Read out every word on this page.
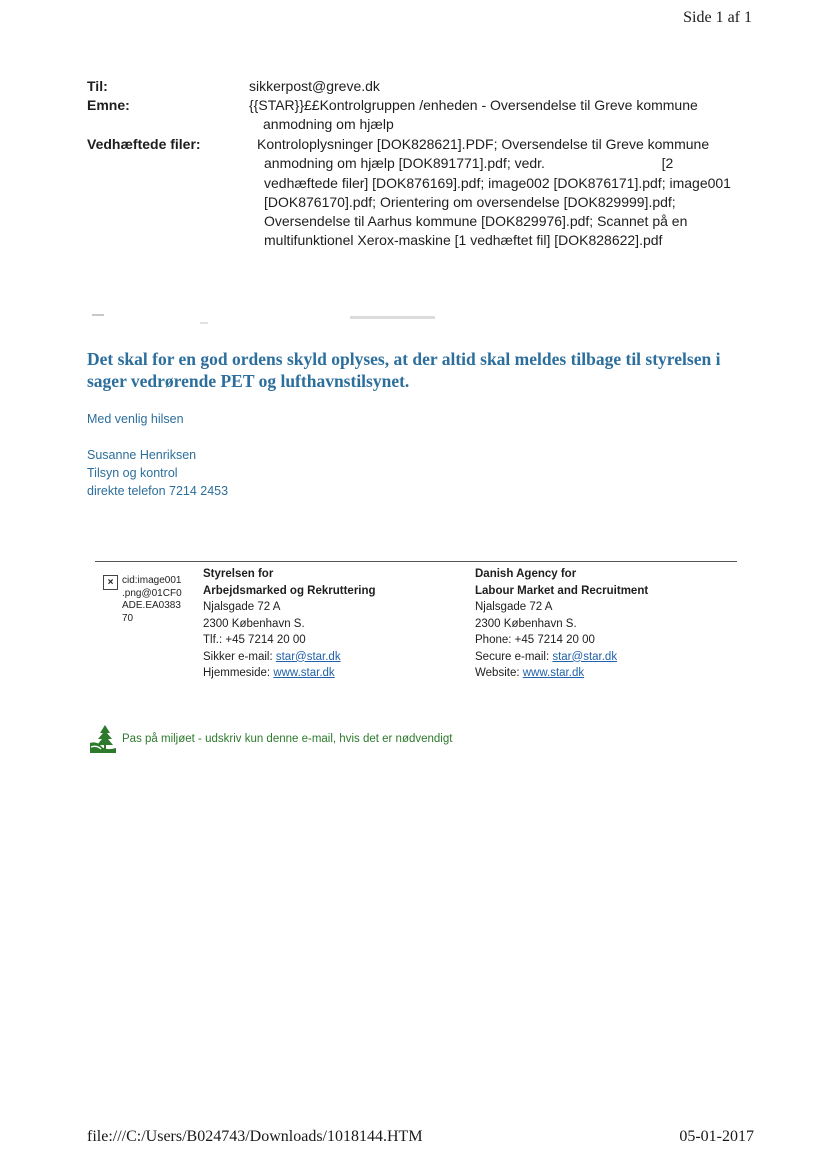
Side 1 af 1
Til:	sikkerpost@greve.dk
Emne:	{{STAR}}££Kontrolgruppen /enheden - Oversendelse til Greve kommune anmodning om hjælp
Vedhæftede filer:	Kontroloplysninger [DOK828621].PDF; Oversendelse til Greve kommune
anmodning om hjælp [DOK891771].pdf; vedr.                              [2 vedhæftede filer] [DOK876169].pdf; image002 [DOK876171].pdf; image001 [DOK876170].pdf; Orientering om oversendelse [DOK829999].pdf; Oversendelse til Aarhus kommune [DOK829976].pdf; Scannet på en multifunktionel Xerox-maskine [1 vedhæftet fil] [DOK828622].pdf
Det skal for en god ordens skyld oplyses, at der altid skal meldes tilbage til styrelsen i sager vedrørende PET og lufthavnstilsynet.
Med venlig hilsen
Susanne Henriksen
Tilsyn og kontrol
direkte telefon 7214 2453
× cid:image001 .png@01CF0 ADE.EA0383 70
Styrelsen for
Arbejdsmarked og Rekruttering
Njalsgade 72 A
2300 København S.
Tlf.: +45 7214 20 00
Sikker e-mail: star@star.dk
Hjemmeside: www.star.dk
Danish Agency for
Labour Market and Recruitment
Njalsgade 72 A
2300 København S.
Phone: +45 7214 20 00
Secure e-mail: star@star.dk
Website: www.star.dk
Pas på miljøet - udskriv kun denne e-mail, hvis det er nødvendigt
file:///C:/Users/B024743/Downloads/1018144.HTM	05-01-2017
